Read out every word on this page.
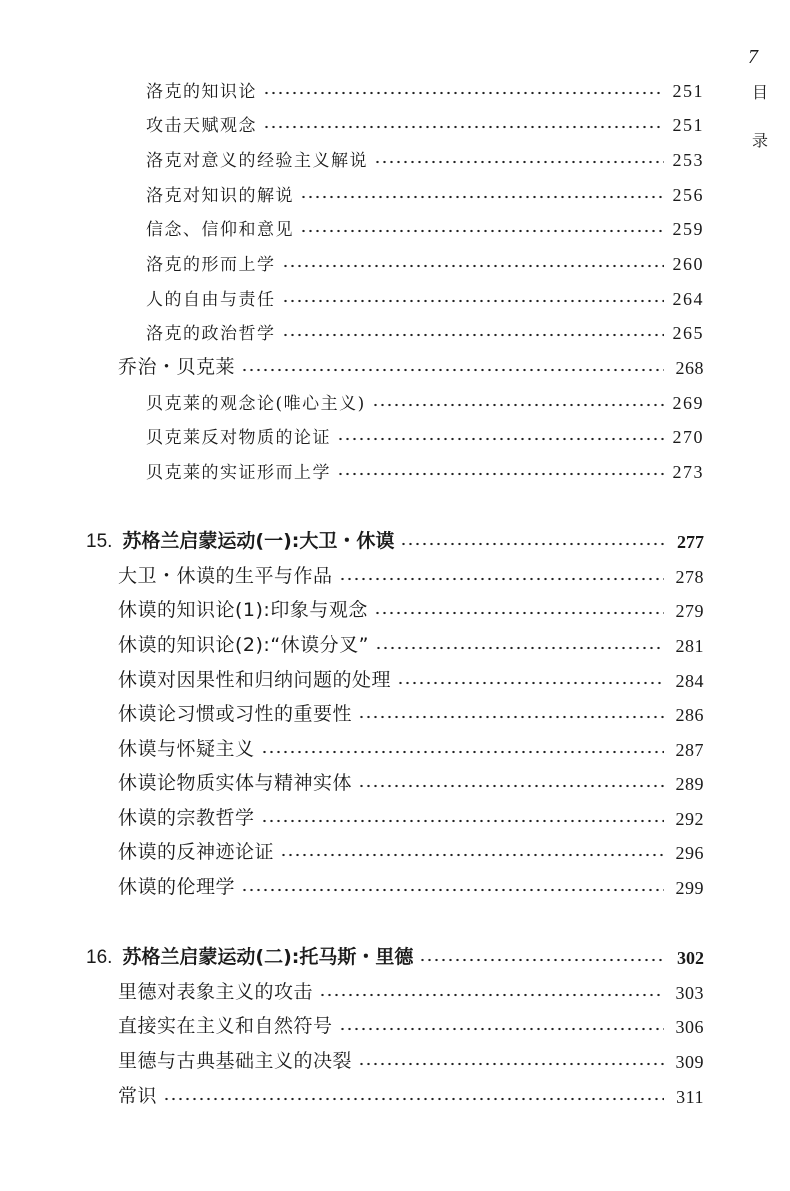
7
目
录
洛克的知识论	251
攻击天赋观念	251
洛克对意义的经验主义解说	253
洛克对知识的解说	256
信念、信仰和意见	259
洛克的形而上学	260
人的自由与责任	264
洛克的政治哲学	265
乔治・贝克莱	268
贝克莱的观念论(唯心主义)	269
贝克莱反对物质的论证	270
贝克莱的实证形而上学	273
15. 苏格兰启蒙运动(一):大卫・休谟	277
大卫・休谟的生平与作品	278
休谟的知识论(1):印象与观念	279
休谟的知识论(2):“休谟分叉”	281
休谟对因果性和归纳问题的处理	284
休谟论习惯或习性的重要性	286
休谟与怀疑主义	287
休谟论物质实体与精神实体	289
休谟的宗教哲学	292
休谟的反神迹论证	296
休谟的伦理学	299
16. 苏格兰启蒙运动(二):托马斯・里德	302
里德对表象主义的攻击	303
直接实在主义和自然符号	306
里德与古典基础主义的决裂	309
常识	311
